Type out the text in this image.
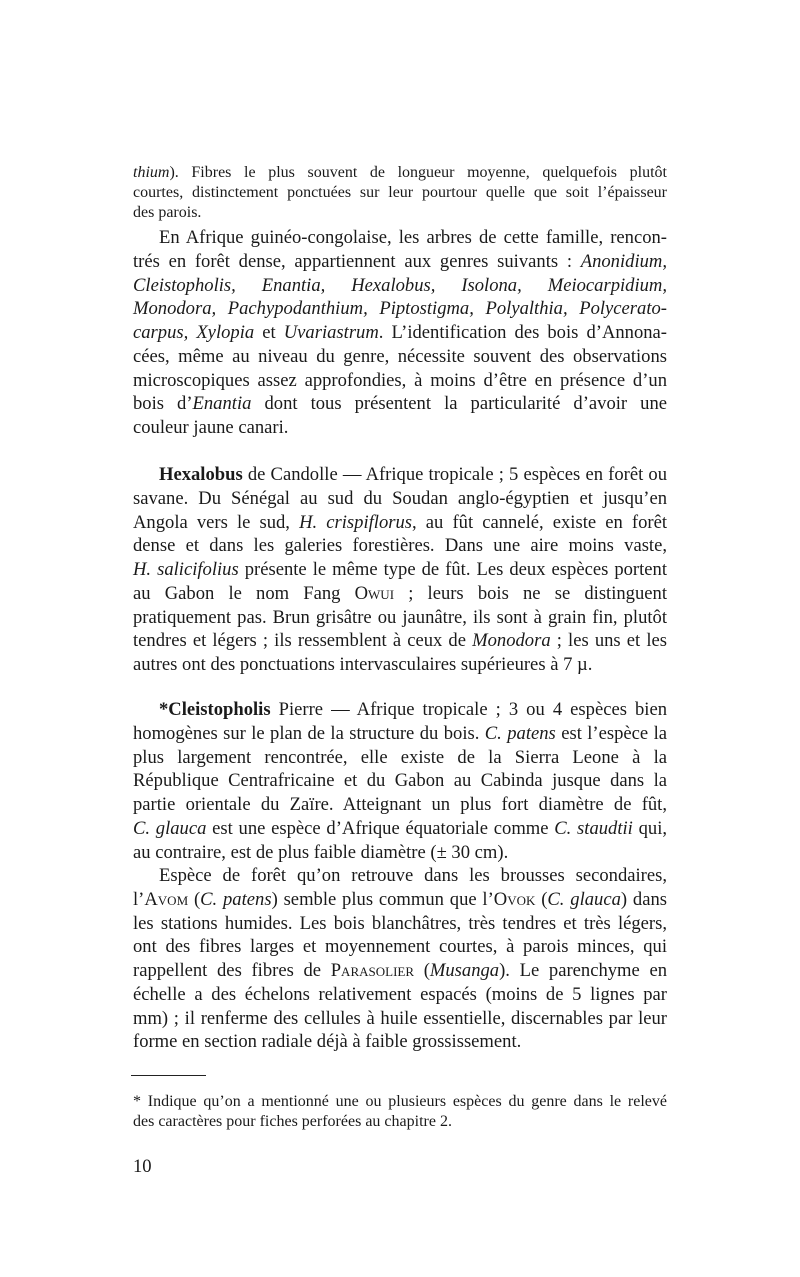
thium). Fibres le plus souvent de longueur moyenne, quelquefois plutôt
courtes, distinctement ponctuées sur leur pourtour quelle que soit l’épaisseur
des parois.
En Afrique guinéo-congolaise, les arbres de cette famille, rencon-
trés en forêt dense, appartiennent aux genres suivants : Anonidium,
Cleistopholis, Enantia, Hexalobus, Isolona, Meiocarpidium,
Monodora, Pachypodanthium, Piptostigma, Polyalthia, Polycerato-
carpus, Xylopia et Uvariastrum. L’identification des bois d’Annona-
cées, même au niveau du genre, nécessite souvent des observations
microscopiques assez approfondies, à moins d’être en présence d’un
bois d’Enantia dont tous présentent la particularité d’avoir une
couleur jaune canari.
Hexalobus de Candolle — Afrique tropicale ; 5 espèces en forêt ou
savane. Du Sénégal au sud du Soudan anglo-égyptien et jusqu’en
Angola vers le sud, H. crispiflorus, au fût cannelé, existe en forêt
dense et dans les galeries forestières. Dans une aire moins vaste,
H. salicifolius présente le même type de fût. Les deux espèces portent
au Gabon le nom Fang Owui ; leurs bois ne se distinguent
pratiquement pas. Brun grisâtre ou jaunâtre, ils sont à grain fin, plutôt
tendres et légers ; ils ressemblent à ceux de Monodora ; les uns et les
autres ont des ponctuations intervasculaires supérieures à 7 µ.
*Cleistopholis Pierre — Afrique tropicale ; 3 ou 4 espèces bien
homogènes sur le plan de la structure du bois. C. patens est l’espèce la
plus largement rencontrée, elle existe de la Sierra Leone à la
République Centrafricaine et du Gabon au Cabinda jusque dans la
partie orientale du Zaïre. Atteignant un plus fort diamètre de fût,
C. glauca est une espèce d’Afrique équatoriale comme C. staudtii qui,
au contraire, est de plus faible diamètre (± 30 cm).
Espèce de forêt qu’on retrouve dans les brousses secondaires,
l’Avom (C. patens) semble plus commun que l’Ovok (C. glauca) dans
les stations humides. Les bois blanchâtres, très tendres et très légers,
ont des fibres larges et moyennement courtes, à parois minces, qui
rappellent des fibres de Parasolier (Musanga). Le parenchyme en
échelle a des échelons relativement espacés (moins de 5 lignes par
mm) ; il renferme des cellules à huile essentielle, discernables par leur
forme en section radiale déjà à faible grossissement.
* Indique qu’on a mentionné une ou plusieurs espèces du genre dans le relevé
des caractères pour fiches perforées au chapitre 2.
10
